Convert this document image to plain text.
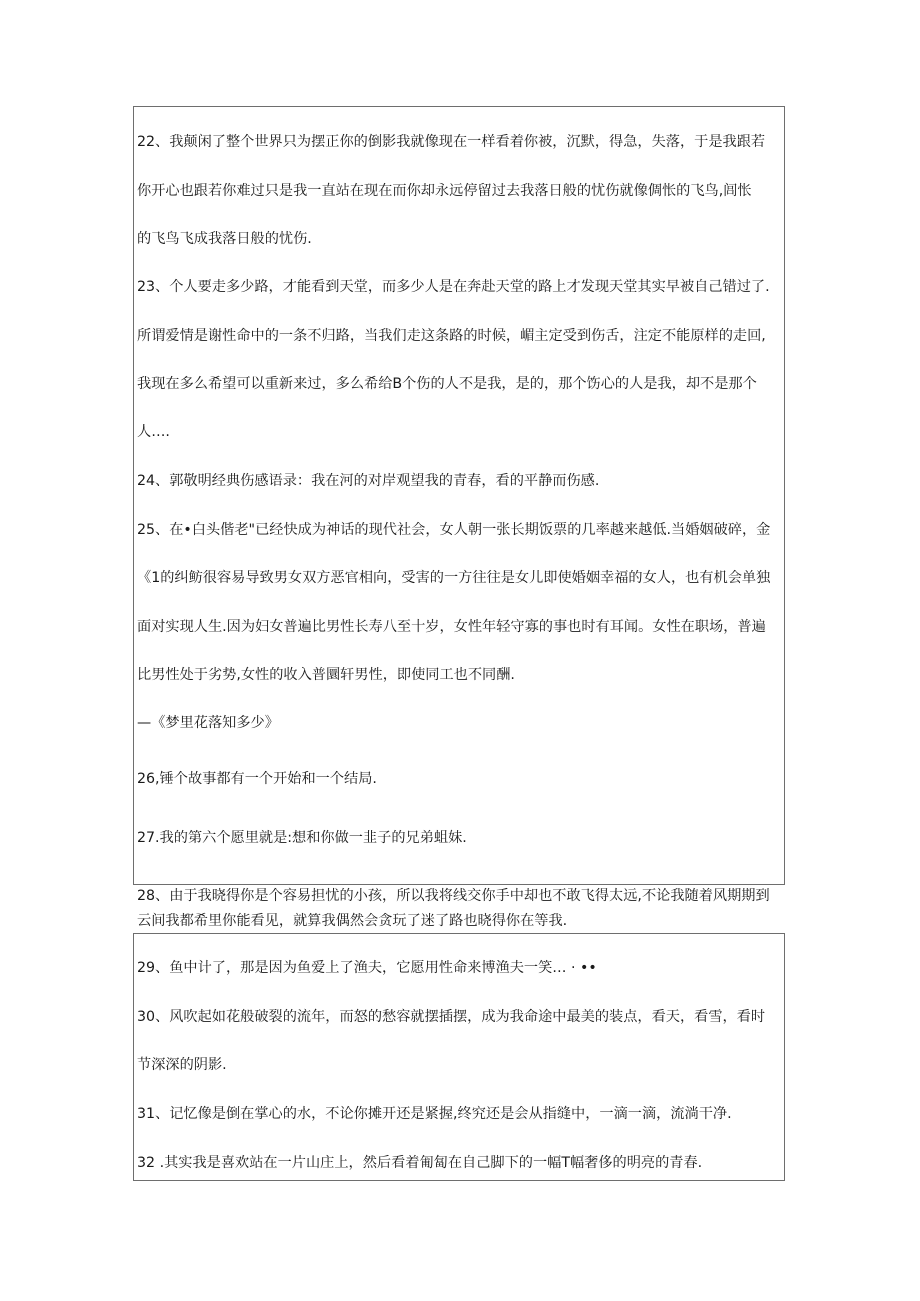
22、我颠闲了整个世界只为摆正你的倒影我就像现在一样看着你被，沉默，得急，失落，于是我跟若

你开心也跟若你难过只是我一直站在现在而你却永远停留过去我落日般的忧伤就像倜怅的飞鸟,闾怅

的飞鸟飞成我落日般的忧伤.

23、个人要走多少路，才能看到天堂，而多少人是在奔赴天堂的路上才发现天堂其实早被自己错过了.

所谓爱情是谢性命中的一条不归路，当我们走这条路的时候，嵋主定受到伤舌，注定不能原样的走回,

我现在多么希望可以重新来过，多么希给B个伤的人不是我，是的，那个饬心的人是我，却不是那个

人….

24、郭敬明经典伤感语录：我在河的对岸观望我的青春，看的平静而伤感.

25、在•白头偕老"已经快成为神话的现代社会，女人朝一张长期饭票的几率越来越低.当婚姻破碎，金

《1的纠鲂很容易导致男女双方恶官相向，受害的一方往往是女儿即使婚姻幸福的女人，也有机会单独

面对实现人生.因为妇女普遍比男性长寿八至十岁，女性年轻守寡的事也时有耳闻。女性在职场，普遍

比男性处于劣势,女性的收入普圜轩男性，即使同工也不同酬.

—《梦里花落知多少》

26,锤个故事都有一个开始和一个结局.

27.我的第六个愿里就是:想和你做一韭子的兄弟蛆妹.

28、由于我晓得你是个容易担忧的小孩，所以我将线交你手中却也不敢飞得太远,不论我随着风期期到

云间我都希里你能看见，就算我偶然会贪玩了迷了路也晓得你在等我.

29、鱼中计了，那是因为鱼爱上了渔夫，它愿用性命来博渔夫一笑… · ••

30、风吹起如花般破裂的流年，而怒的愁容就摆插摆，成为我命途中最美的装点，看天，看雪，看时

节深深的阴影.

31、记忆像是倒在掌心的水，不论你摊开还是紧握,终究还是会从指缝中，一滴一滴，流淌干净.

32 .其实我是喜欢站在一片山庄上，然后看着匍匐在自己脚下的一幅T幅奢侈的明亮的青春.
